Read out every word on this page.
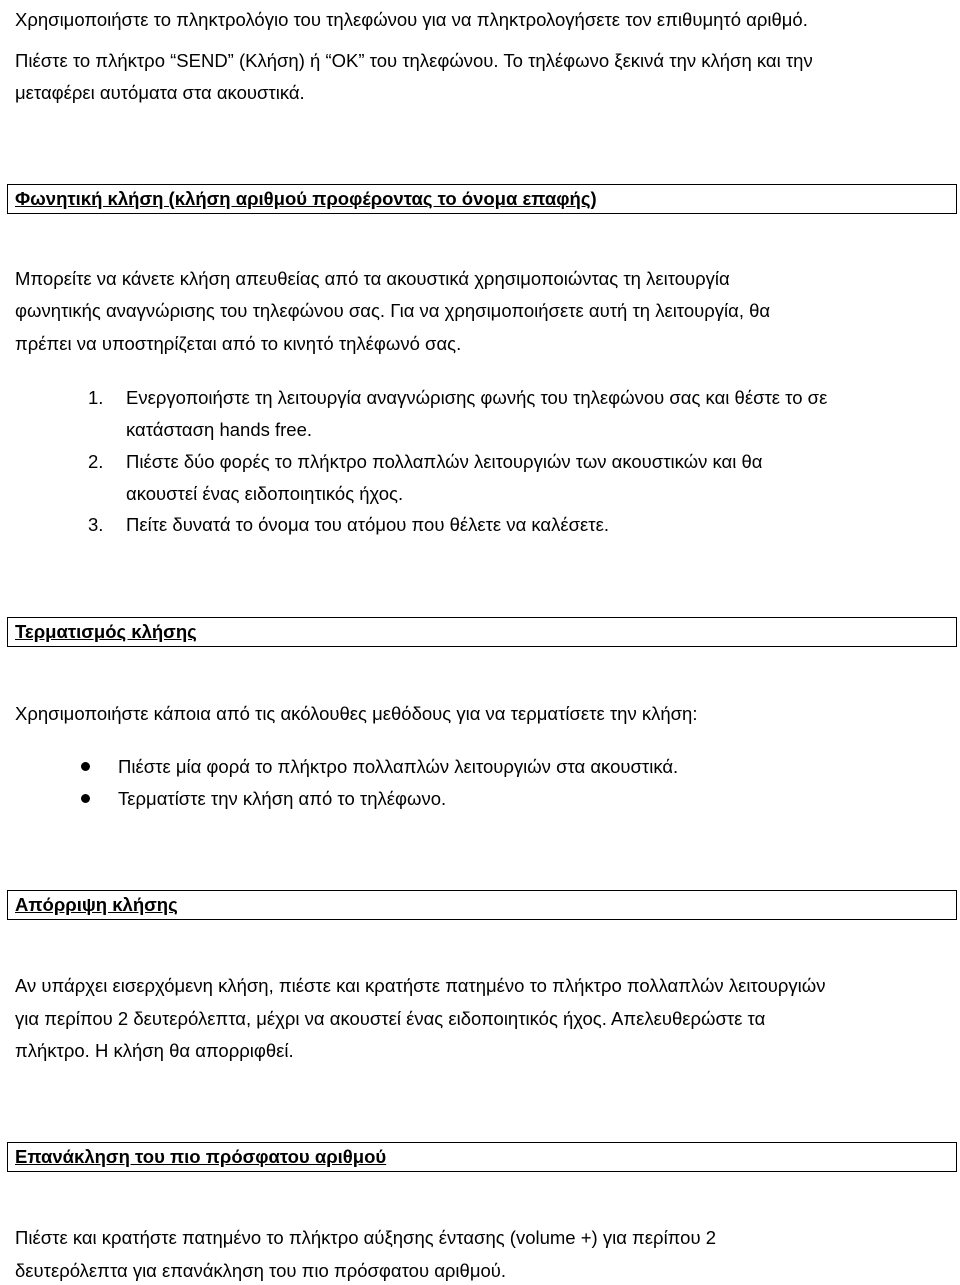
Χρησιμοποιήστε το πληκτρολόγιο του τηλεφώνου για να πληκτρολογήσετε τον επιθυμητό αριθμό.
Πιέστε το πλήκτρο “SEND” (Κλήση) ή “OK” του τηλεφώνου. Το τηλέφωνο ξεκινά την κλήση και την
μεταφέρει αυτόματα στα ακουστικά.
Φωνητική κλήση (κλήση αριθμού προφέροντας το όνομα επαφής)
Μπορείτε να κάνετε κλήση απευθείας από τα ακουστικά χρησιμοποιώντας τη λειτουργία
φωνητικής αναγνώρισης του τηλεφώνου σας. Για να χρησιμοποιήσετε αυτή τη λειτουργία, θα
πρέπει να υποστηρίζεται από το κινητό τηλέφωνό σας.
1. Ενεργοποιήστε τη λειτουργία αναγνώρισης φωνής του τηλεφώνου σας και θέστε το σε
κατάσταση hands free.
2. Πιέστε δύο φορές το πλήκτρο πολλαπλών λειτουργιών των ακουστικών και θα
ακουστεί ένας ειδοποιητικός ήχος.
3. Πείτε δυνατά το όνομα του ατόμου που θέλετε να καλέσετε.
Τερματισμός κλήσης
Χρησιμοποιήστε κάποια από τις ακόλουθες μεθόδους για να τερματίσετε την κλήση:
Πιέστε μία φορά το πλήκτρο πολλαπλών λειτουργιών στα ακουστικά.
Τερματίστε την κλήση από το τηλέφωνο.
Απόρριψη κλήσης
Αν υπάρχει εισερχόμενη κλήση, πιέστε και κρατήστε πατημένο το πλήκτρο πολλαπλών λειτουργιών
για περίπου 2 δευτερόλεπτα, μέχρι να ακουστεί ένας ειδοποιητικός ήχος. Απελευθερώστε τα
πλήκτρο. Η κλήση θα απορριφθεί.
Επανάκληση του πιο πρόσφατου αριθμού
Πιέστε και κρατήστε πατημένο το πλήκτρο αύξησης έντασης (volume +) για περίπου 2
δευτερόλεπτα για επανάκληση του πιο πρόσφατου αριθμού.
